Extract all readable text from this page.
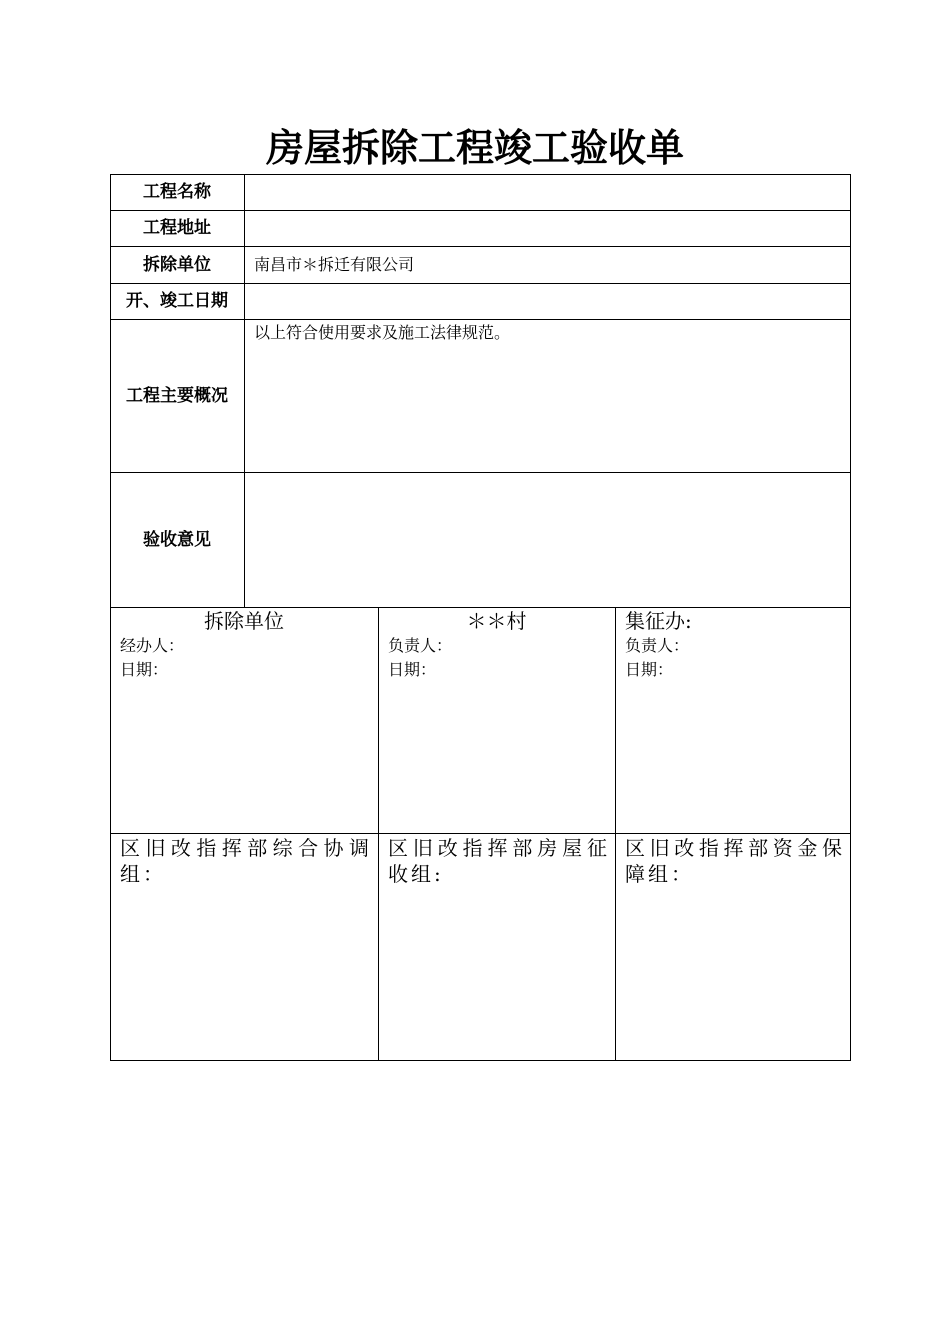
房屋拆除工程竣工验收单
工程名称
工程地址
拆除单位	南昌市＊拆迁有限公司
开、竣工日期
工程主要概况
以上符合使用要求及施工法律规范。
验收意见
拆除单位
经办人：
日期：
＊＊村
负责人：
日期：
集征办:
负责人：
日期：
区旧改指挥部综合协调组：
区旧改指挥部房屋征收组:
区旧改指挥部资金保障组：
